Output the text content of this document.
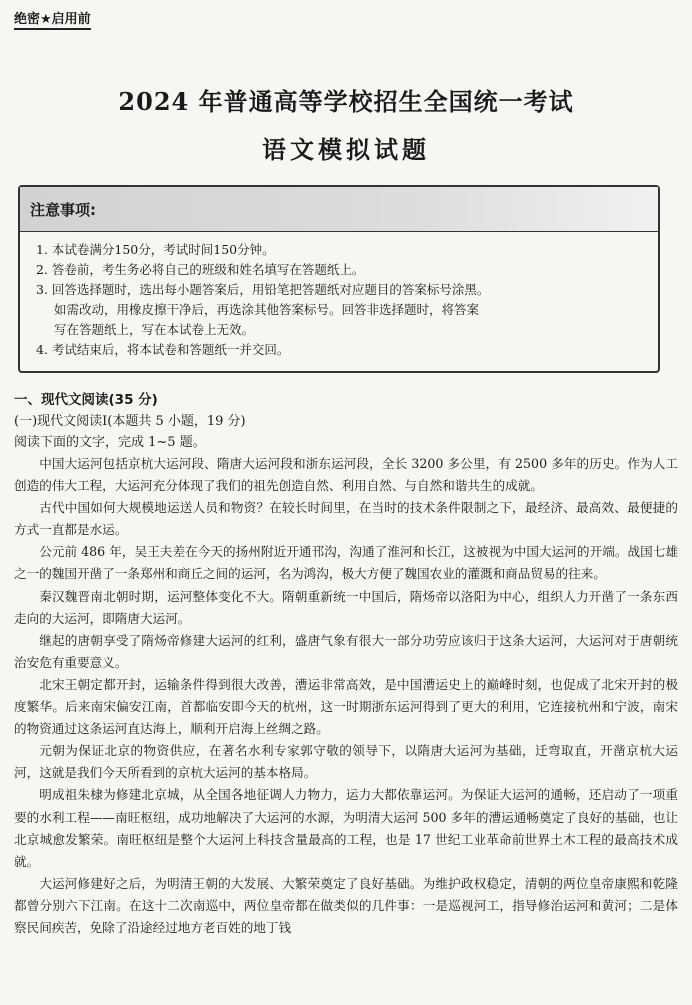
绝密★启用前
2024 年普通高等学校招生全国统一考试
语文模拟试题
注意事项:
1. 本试卷满分150分，考试时间150分钟。
2. 答卷前，考生务必将自己的班级和姓名填写在答题纸上。
3. 回答选择题时，选出每小题答案后，用铅笔把答题纸对应题目的答案标号涂黑。
如需改动，用橡皮擦干净后，再选涂其他答案标号。回答非选择题时，将答案
写在答题纸上，写在本试卷上无效。
4. 考试结束后，将本试卷和答题纸一并交回。
一、现代文阅读(35 分)
(一)现代文阅读Ⅰ(本题共 5 小题，19 分)
阅读下面的文字，完成 1~5 题。

中国大运河包括京杭大运河段、隋唐大运河段和浙东运河段，全长 3200 多公里，有 2500 多年的历史。作为人工创造的伟大工程，大运河充分体现了我们的祖先创造自然、利用自然、与自然和谐共生的成就。

古代中国如何大规模地运送人员和物资？在较长时间里，在当时的技术条件限制之下，最经济、最高效、最便捷的方式一直都是水运。

公元前 486 年，吴王夫差在今天的扬州附近开通邗沟，沟通了淮河和长江，这被视为中国大运河的开端。战国七雄之一的魏国开凿了一条郑州和商丘之间的运河，名为鸿沟，极大方便了魏国农业的灌溉和商品贸易的往来。

秦汉魏晋南北朝时期，运河整体变化不大。隋朝重新统一中国后，隋炀帝以洛阳为中心，组织人力开凿了一条东西走向的大运河，即隋唐大运河。

继起的唐朝享受了隋炀帝修建大运河的红利，盛唐气象有很大一部分功劳应该归于这条大运河，大运河对于唐朝统治安危有重要意义。

北宋王朝定都开封，运输条件得到很大改善，漕运非常高效，是中国漕运史上的巅峰时刻，也促成了北宋开封的极度繁华。后来南宋偏安江南，首都临安即今天的杭州，这一时期浙东运河得到了更大的利用，它连接杭州和宁波，南宋的物资通过这条运河直达海上，顺利开启海上丝绸之路。

元朝为保证北京的物资供应，在著名水利专家郭守敬的领导下，以隋唐大运河为基础，迁弯取直，开凿京杭大运河，这就是我们今天所看到的京杭大运河的基本格局。

明成祖朱棣为修建北京城，从全国各地征调人力物力，运力大都依靠运河。为保证大运河的通畅，还启动了一项重要的水利工程——南旺枢纽，成功地解决了大运河的水源，为明清大运河 500 多年的漕运通畅奠定了良好的基础，也让北京城愈发繁荣。南旺枢纽是整个大运河上科技含量最高的工程，也是 17 世纪工业革命前世界土木工程的最高技术成就。

大运河修建好之后，为明清王朝的大发展、大繁荣奠定了良好基础。为维护政权稳定，清朝的两位皇帝康熙和乾隆都曾分别六下江南。在这十二次南巡中，两位皇帝都在做类似的几件事：一是巡视河工，指导修治运河和黄河；二是体察民间疾苦，免除了沿途经过地方老百姓的地丁钱
